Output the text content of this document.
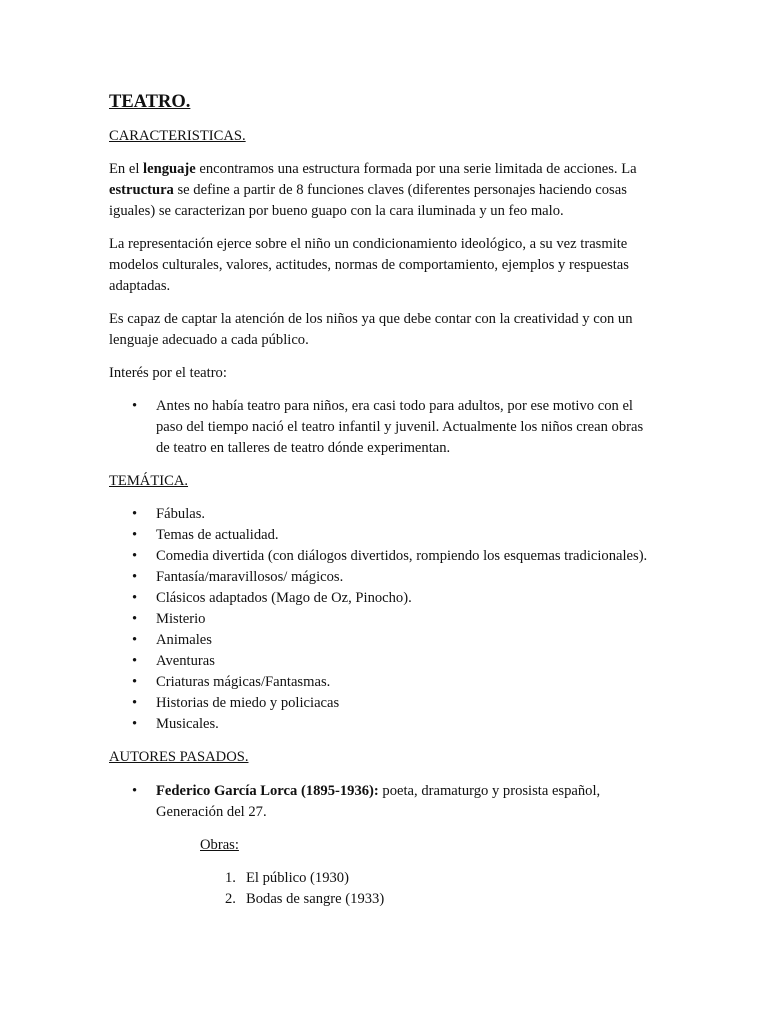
TEATRO.

CARACTERISTICAS.

En el lenguaje encontramos una estructura formada por una serie limitada de acciones. La estructura se define a partir de 8 funciones claves (diferentes personajes haciendo cosas iguales) se caracterizan por bueno guapo con la cara iluminada y un feo malo.

La representación ejerce sobre el niño un condicionamiento ideológico, a su vez trasmite modelos culturales, valores, actitudes, normas de comportamiento, ejemplos y respuestas adaptadas.

Es capaz de captar la atención de los niños ya que debe contar con la creatividad y con un lenguaje adecuado a cada público.

Interés por el teatro:

• Antes no había teatro para niños, era casi todo para adultos, por ese motivo con el paso del tiempo nació el teatro infantil y juvenil. Actualmente los niños crean obras de teatro en talleres de teatro dónde experimentan.

TEMÁTICA.

• Fábulas.
• Temas de actualidad.
• Comedia divertida (con diálogos divertidos, rompiendo los esquemas tradicionales).
• Fantasía/maravillosos/ mágicos.
• Clásicos adaptados (Mago de Oz, Pinocho).
• Misterio
• Animales
• Aventuras
• Criaturas mágicas/Fantasmas.
• Historias de miedo y policiacas
• Musicales.

AUTORES PASADOS.

• Federico García Lorca (1895-1936): poeta, dramaturgo y prosista español, Generación del 27.

Obras:

1. El público (1930)
2. Bodas de sangre (1933)
